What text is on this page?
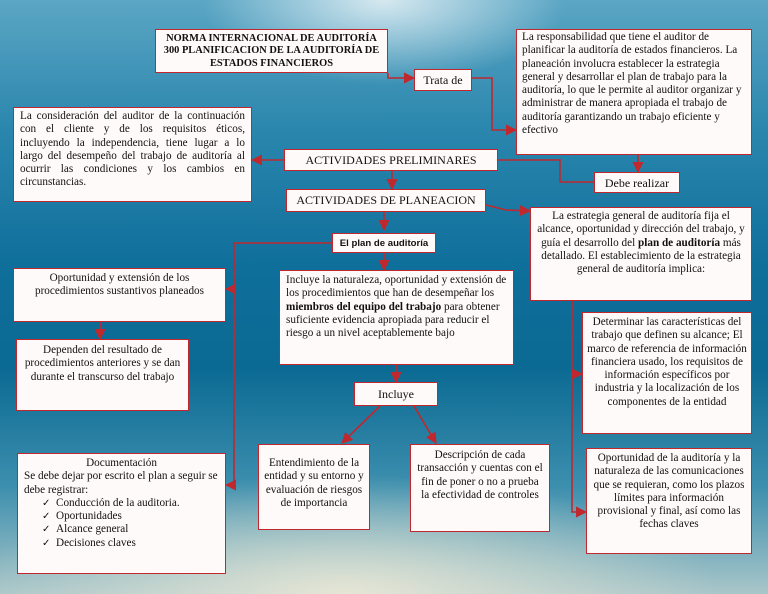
NORMA INTERNACIONAL DE AUDITORÍA 300 PLANIFICACION DE LA AUDITORÍA DE ESTADOS FINANCIEROS
Trata de
La responsabilidad que tiene el auditor de planificar la auditoría de estados financieros. La planeación involucra establecer la estrategia general y desarrollar el plan de trabajo para la auditoría, lo que le permite al auditor organizar y administrar de manera apropiada el trabajo de auditoría garantizando un trabajo eficiente y efectivo
La consideración del auditor de la continuación con el cliente y de los requisitos éticos, incluyendo la independencia, tiene lugar a lo largo del desempeño del trabajo de auditoría al ocurrir las condiciones y los cambios en circunstancias.
ACTIVIDADES PRELIMINARES
Debe realizar
ACTIVIDADES DE PLANEACION
El plan de auditoría
La estrategia general de auditoría fija el alcance, oportunidad y dirección del trabajo, y guía el desarrollo del plan de auditoría más detallado. El establecimiento de la estrategia general de auditoría implica:
Incluye la naturaleza, oportunidad y extensión de los procedimientos que han de desempeñar los miembros del equipo del trabajo para obtener suficiente evidencia apropiada para reducir el riesgo a un nivel aceptablemente bajo
Oportunidad y extensión de los procedimientos sustantivos planeados
Dependen del resultado de procedimientos anteriores y se dan durante el transcurso del trabajo
Incluye
Determinar las características del trabajo que definen su alcance; El marco de referencia de información financiera usado, los requisitos de información específicos por industria y la localización de los componentes de la entidad
Documentación
Se debe dejar por escrito el plan a seguir se debe registrar:
✓ Conducción de la auditoria.
✓ Oportunidades
✓ Alcance general
✓ Decisiones claves
Entendimiento de la entidad y su entorno y evaluación de riesgos de importancia
Descripción de cada transacción y cuentas con el fin de poner o no a prueba la efectividad de controles
Oportunidad de la auditoría y la naturaleza de las comunicaciones que se requieran, como los plazos límites para información provisional y final, así como las fechas claves
